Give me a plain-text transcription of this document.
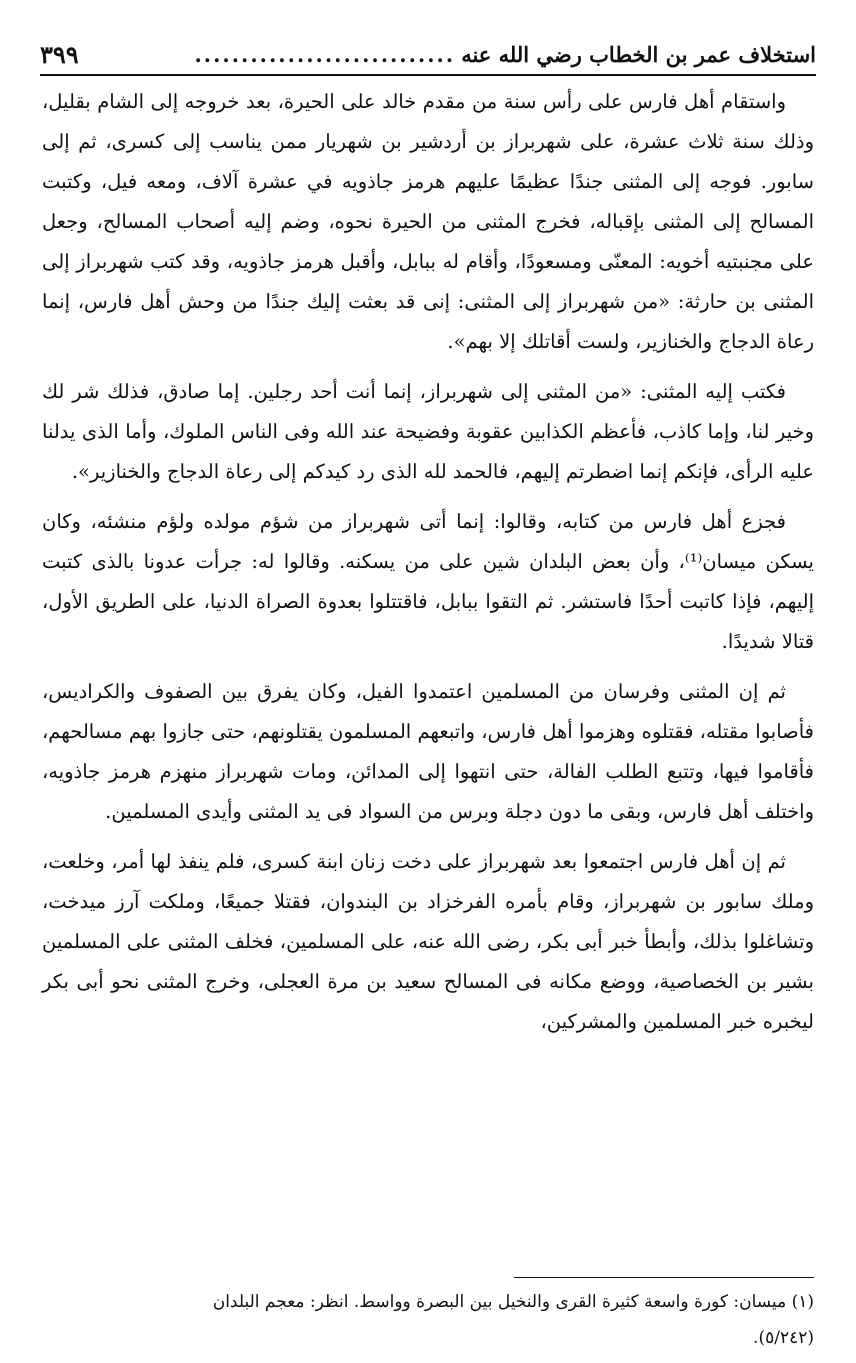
استخلاف عمر بن الخطاب رضي الله عنه
............................
٣٩٩

واستقام أهل فارس على رأس سنة من مقدم خالد على الحيرة، بعد خروجه إلى الشام بقليل، وذلك سنة ثلاث عشرة، على شهربراز بن أردشير بن شهريار ممن يناسب إلى كسرى، ثم إلى سابور. فوجه إلى المثنى جندًا عظيمًا عليهم هرمز جاذويه في عشرة آلاف، ومعه فيل، وكتبت المسالح إلى المثنى بإقباله، فخرج المثنى من الحيرة نحوه، وضم إليه أصحاب المسالح، وجعل على مجنبتيه أخويه: المعنّى ومسعودًا، وأقام له ببابل، وأقبل هرمز جاذويه، وقد كتب شهربراز إلى المثنى بن حارثة: «من شهربراز إلى المثنى: إنى قد بعثت إليك جندًا من وحش أهل فارس، إنما رعاة الدجاج والخنازير، ولست أقاتلك إلا بهم».

فكتب إليه المثنى: «من المثنى إلى شهربراز، إنما أنت أحد رجلين. إما صادق، فذلك شر لك وخير لنا، وإما كاذب، فأعظم الكذابين عقوبة وفضيحة عند الله وفى الناس الملوك، وأما الذى يدلنا عليه الرأى، فإنكم إنما اضطرتم إليهم، فالحمد لله الذى رد كيدكم إلى رعاة الدجاج والخنازير».

فجزع أهل فارس من كتابه، وقالوا: إنما أتى شهربراز من شؤم مولده ولؤم منشئه، وكان يسكن ميسان⁽¹⁾، وأن بعض البلدان شين على من يسكنه. وقالوا له: جرأت عدونا بالذى كتبت إليهم، فإذا كاتبت أحدًا فاستشر. ثم التقوا ببابل، فاقتتلوا بعدوة الصراة الدنيا، على الطريق الأول، قتالا شديدًا.

ثم إن المثنى وفرسان من المسلمين اعتمدوا الفيل، وكان يفرق بين الصفوف والكراديس، فأصابوا مقتله، فقتلوه وهزموا أهل فارس، واتبعهم المسلمون يقتلونهم، حتى جازوا بهم مسالحهم، فأقاموا فيها، وتتبع الطلب الفالة، حتى انتهوا إلى المدائن، ومات شهربراز منهزم هرمز جاذويه، واختلف أهل فارس، وبقى ما دون دجلة وبرس من السواد فى يد المثنى وأيدى المسلمين.

ثم إن أهل فارس اجتمعوا بعد شهربراز على دخت زنان ابنة كسرى، فلم ينفذ لها أمر، وخلعت، وملك سابور بن شهربراز، وقام بأمره الفرخزاد بن البندوان، فقتلا جميعًا، وملكت آرز ميدخت، وتشاغلوا بذلك، وأبطأ خبر أبى بكر، رضى الله عنه، على المسلمين، فخلف المثنى على المسلمين بشير بن الخصاصية، ووضع مكانه فى المسالح سعيد بن مرة العجلى، وخرج المثنى نحو أبى بكر ليخبره خبر المسلمين والمشركين،

(١) ميسان: كورة واسعة كثيرة القرى والنخيل بين البصرة وواسط. انظر: معجم البلدان
(٥/٢٤٢).
